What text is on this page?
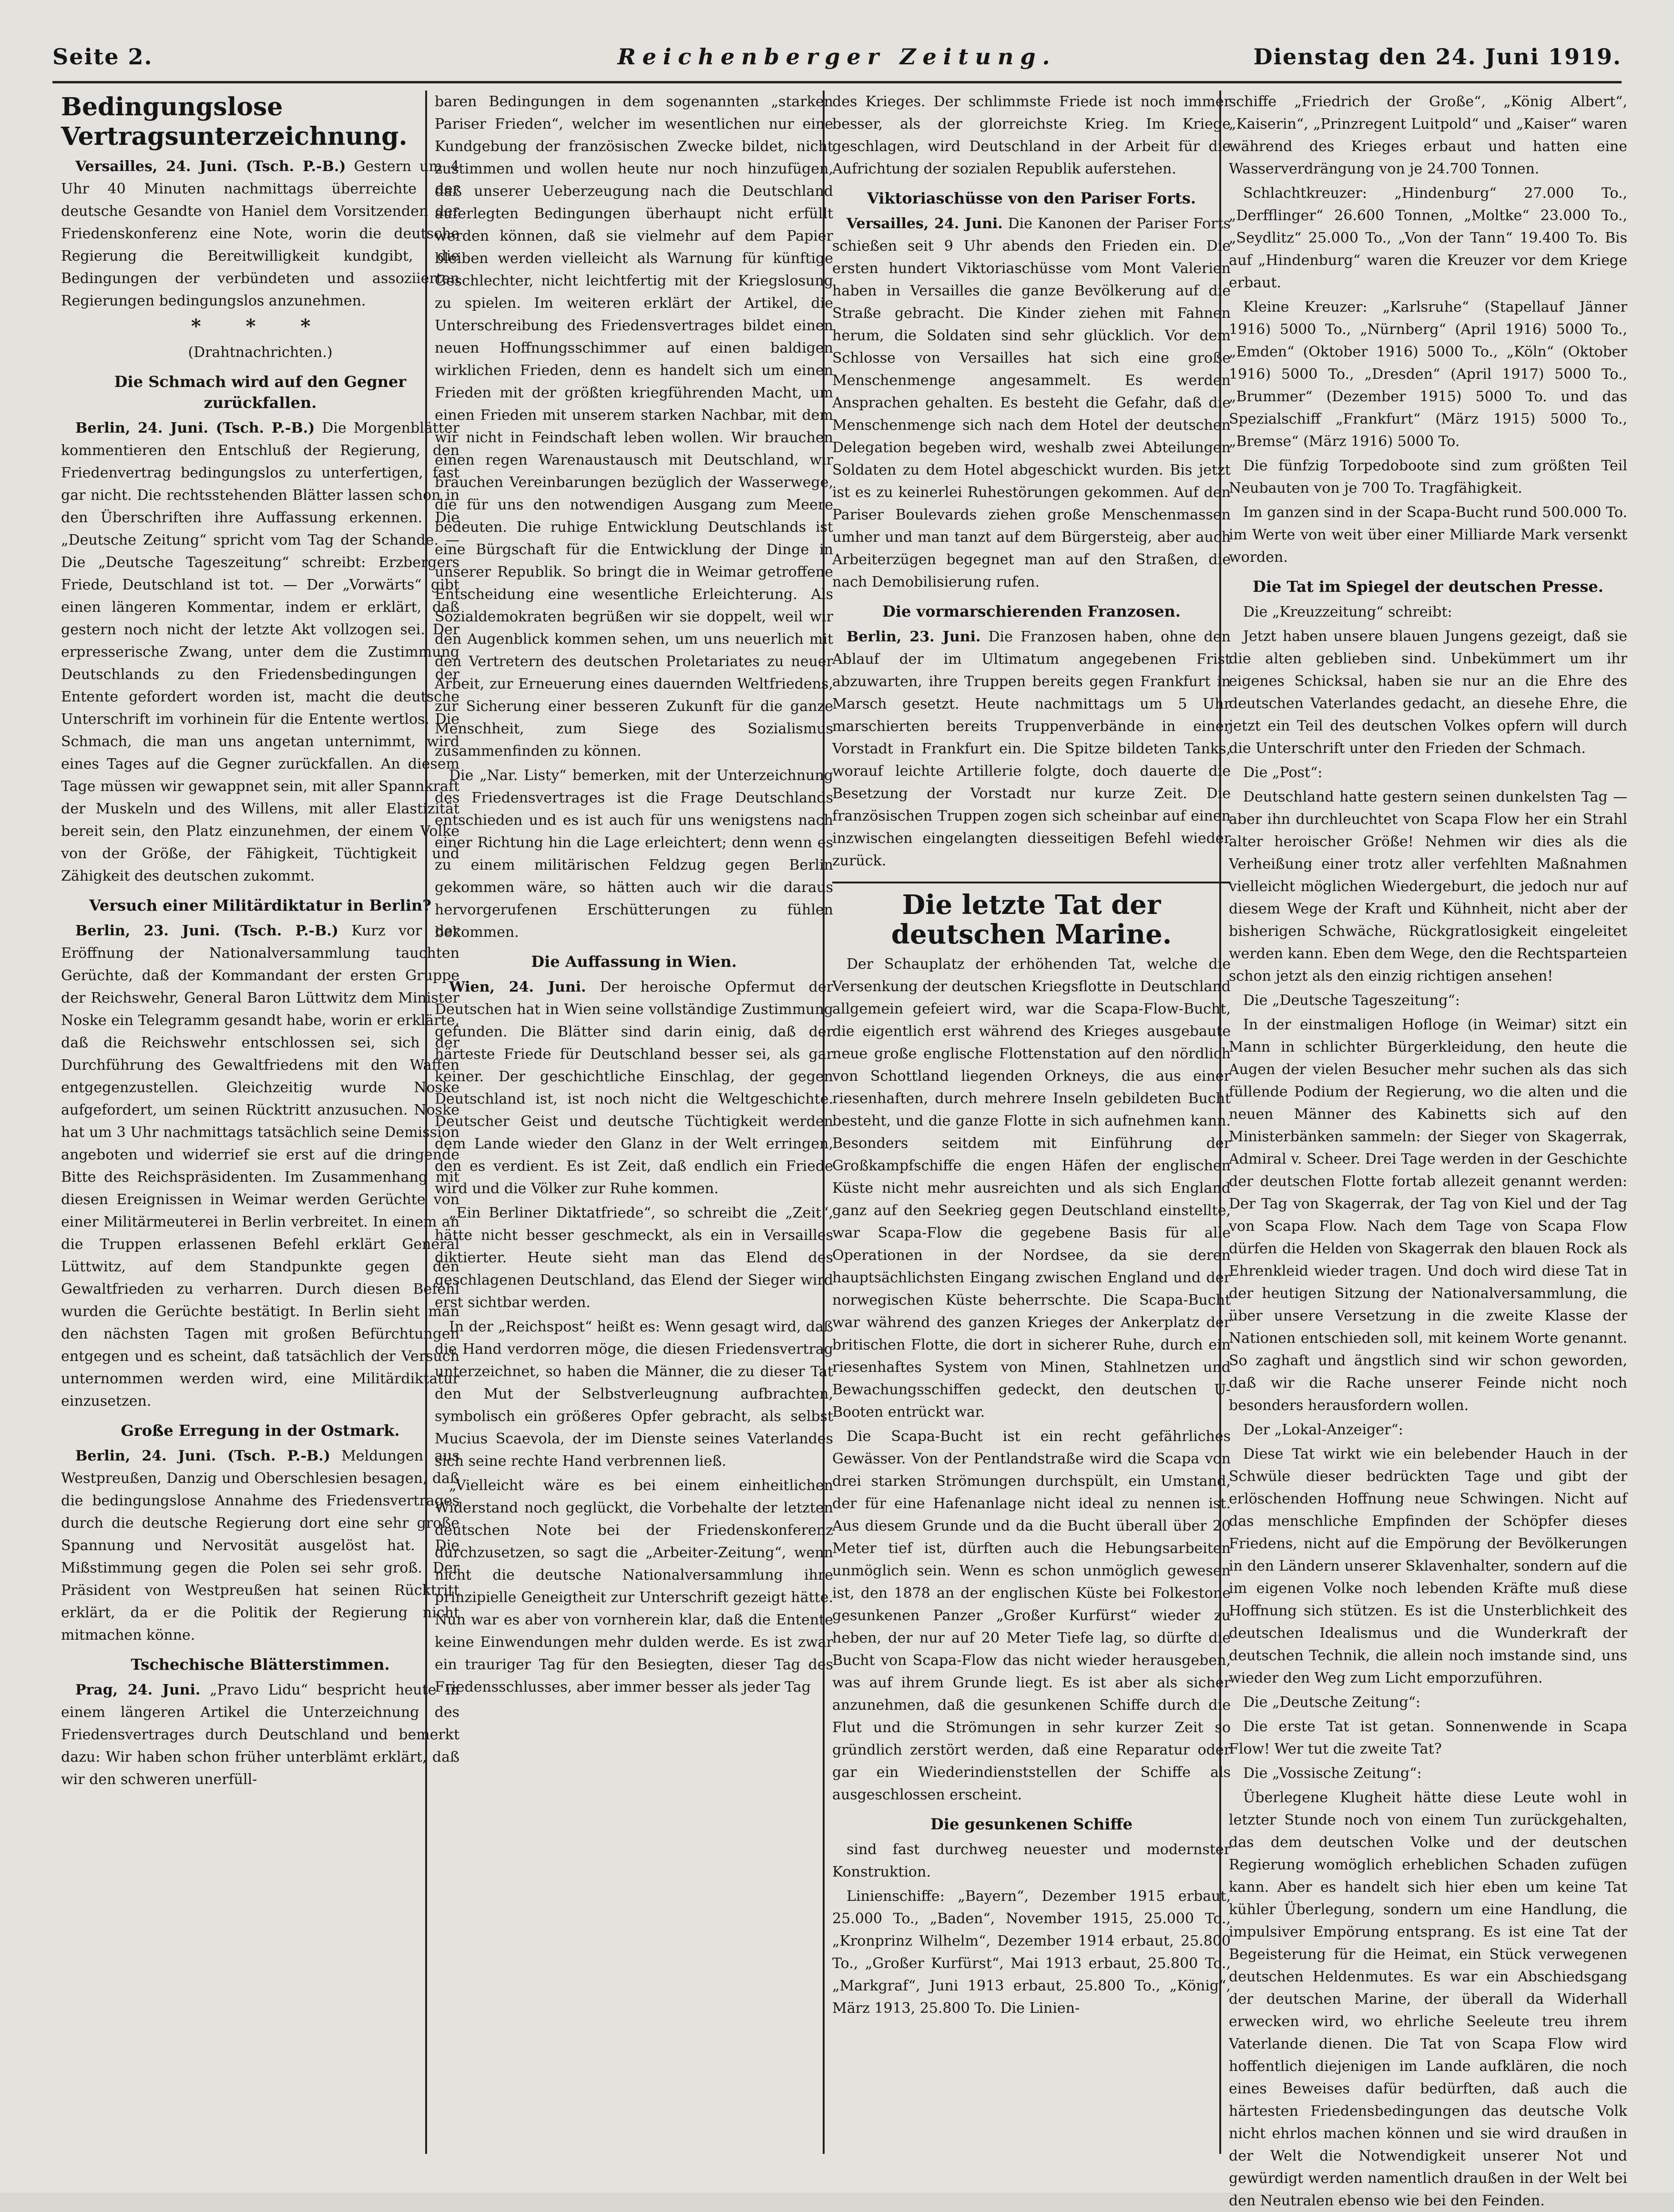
Seite 2.	Reichenberger Zeitung.	Dienstag den 24. Juni 1919.
Bedingungslose Vertragsunterzeichnung.

Versailles, 24. Juni. (Tsch. P.-B.) Gestern um 4 Uhr 40 Minuten nachmittags überreichte der deutsche Gesandte von Haniel dem Vorsitzenden der Friedenskonferenz eine Note, worin die deutsche Regierung die Bereitwilligkeit kundgibt, die Bedingungen der verbündeten und assoziierten Regierungen bedingungslos anzunehmen.

* * *

(Drahtnachrichten.)

Die Schmach wird auf den Gegner zurückfallen.

Berlin, 24. Juni. (Tsch. P.-B.) Die Morgenblätter kommentieren den Entschluß der Regierung, den Friedenvertrag bedingungslos zu unterfertigen, fast gar nicht. Die rechtsstehenden Blätter lassen schon in den Überschriften ihre Auffassung erkennen. Die „Deutsche Zeitung“ spricht vom Tag der Schande. — Die „Deutsche Tageszeitung“ schreibt: Erzbergers Friede, Deutschland ist tot. — Der „Vorwärts“ gibt einen längeren Kommentar, indem er erklärt, daß gestern noch nicht der letzte Akt vollzogen sei. Der erpresserische Zwang, unter dem die Zustimmung Deutschlands zu den Friedensbedingungen der Entente gefordert worden ist, macht die deutsche Unterschrift im vorhinein für die Entente wertlos. Die Schmach, die man uns angetan unternimmt, wird eines Tages auf die Gegner zurückfallen. An diesem Tage müssen wir gewappnet sein, mit aller Spannkraft der Muskeln und des Willens, mit aller Elastizität bereit sein, den Platz einzunehmen, der einem Volke von der Größe, der Fähigkeit, Tüchtigkeit und Zähigkeit des deutschen zukommt.

Versuch einer Militärdiktatur in Berlin?

Berlin, 23. Juni. (Tsch. P.-B.) Kurz vor der Eröffnung der Nationalversammlung tauchten Gerüchte, daß der Kommandant der ersten Gruppe der Reichswehr, General Baron Lüttwitz dem Minister Noske ein Telegramm gesandt habe, worin er erklärte, daß die Reichswehr entschlossen sei, sich der Durchführung des Gewaltfriedens mit den Waffen entgegenzustellen. Gleichzeitig wurde Noske aufgefordert, um seinen Rücktritt anzusuchen. Noske hat um 3 Uhr nachmittags tatsächlich seine Demission angeboten und widerrief sie erst auf die dringende Bitte des Reichspräsidenten. Im Zusammenhang mit diesen Ereignissen in Weimar werden Gerüchte von einer Militärmeuterei in Berlin verbreitet. In einem an die Truppen erlassenen Befehl erklärt General Lüttwitz, auf dem Standpunkte gegen den Gewaltfrieden zu verharren. Durch diesen Befehl wurden die Gerüchte bestätigt. In Berlin sieht man den nächsten Tagen mit großen Befürchtungen entgegen und es scheint, daß tatsächlich der Versuch unternommen werden wird, eine Militärdiktatur einzusetzen.

Große Erregung in der Ostmark.

Berlin, 24. Juni. (Tsch. P.-B.) Meldungen aus Westpreußen, Danzig und Oberschlesien besagen, daß die bedingungslose Annahme des Friedensvertrages durch die deutsche Regierung dort eine sehr große Spannung und Nervosität ausgelöst hat. Die Mißstimmung gegen die Polen sei sehr groß. Der Präsident von Westpreußen hat seinen Rücktritt erklärt, da er die Politik der Regierung nicht mitmachen könne.

Tschechische Blätterstimmen.

Prag, 24. Juni. „Pravo Lidu“ bespricht heute in einem längeren Artikel die Unterzeichnung des Friedensvertrages durch Deutschland und bemerkt dazu: Wir haben schon früher unterblämt erklärt, daß wir den schweren unerfüll-

baren Bedingungen in dem sogenannten „starken Pariser Frieden“, welcher im wesentlichen nur eine Kundgebung der französischen Zwecke bildet, nicht zustimmen und wollen heute nur noch hinzufügen, daß unserer Ueberzeugung nach die Deutschland auferlegten Bedingungen überhaupt nicht erfüllt werden können, daß sie vielmehr auf dem Papier bleiben werden vielleicht als Warnung für künftige Geschlechter, nicht leichtfertig mit der Kriegslosung zu spielen. Im weiteren erklärt der Artikel, die Unterschreibung des Friedensvertrages bildet einen neuen Hoffnungsschimmer auf einen baldigen wirklichen Frieden, denn es handelt sich um einen Frieden mit der größten kriegführenden Macht, um einen Frieden mit unserem starken Nachbar, mit dem wir nicht in Feindschaft leben wollen. Wir brauchen einen regen Warenaustausch mit Deutschland, wir brauchen Vereinbarungen bezüglich der Wasserwege, die für uns den notwendigen Ausgang zum Meere bedeuten. Die ruhige Entwicklung Deutschlands ist eine Bürgschaft für die Entwicklung der Dinge in unserer Republik. So bringt die in Weimar getroffene Entscheidung eine wesentliche Erleichterung. Als Sozialdemokraten begrüßen wir sie doppelt, weil wir den Augenblick kommen sehen, um uns neuerlich mit den Vertretern des deutschen Proletariates zu neuer Arbeit, zur Erneuerung eines dauernden Weltfriedens, zur Sicherung einer besseren Zukunft für die ganze Menschheit, zum Siege des Sozialismus zusammenfinden zu können.

Die „Nar. Listy“ bemerken, mit der Unterzeichnung des Friedensvertrages ist die Frage Deutschlands entschieden und es ist auch für uns wenigstens nach einer Richtung hin die Lage erleichtert; denn wenn es zu einem militärischen Feldzug gegen Berlin gekommen wäre, so hätten auch wir die daraus hervorgerufenen Erschütterungen zu fühlen bekommen.

Die Auffassung in Wien.

Wien, 24. Juni. Der heroische Opfermut der Deutschen hat in Wien seine vollständige Zustimmung gefunden. Die Blätter sind darin einig, daß der härteste Friede für Deutschland besser sei, als gar keiner. Der geschichtliche Einschlag, der gegen Deutschland ist, ist noch nicht die Weltgeschichte. Deutscher Geist und deutsche Tüchtigkeit werden dem Lande wieder den Glanz in der Welt erringen, den es verdient. Es ist Zeit, daß endlich ein Friede wird und die Völker zur Ruhe kommen.

„Ein Berliner Diktatfriede“, so schreibt die „Zeit“, hätte nicht besser geschmeckt, als ein in Versailles diktierter. Heute sieht man das Elend des geschlagenen Deutschland, das Elend der Sieger wird erst sichtbar werden.

In der „Reichspost“ heißt es: Wenn gesagt wird, daß die Hand verdorren möge, die diesen Friedensvertrag unterzeichnet, so haben die Männer, die zu dieser Tat den Mut der Selbstverleugnung aufbrachten, symbolisch ein größeres Opfer gebracht, als selbst Mucius Scaevola, der im Dienste seines Vaterlandes sich seine rechte Hand verbrennen ließ.

„Vielleicht wäre es bei einem einheitlichen Widerstand noch geglückt, die Vorbehalte der letzten deutschen Note bei der Friedenskonferenz durchzusetzen, so sagt die „Arbeiter-Zeitung“, wenn nicht die deutsche Nationalversammlung ihre prinzipielle Geneigtheit zur Unterschrift gezeigt hätte. Nun war es aber von vornherein klar, daß die Entente keine Einwendungen mehr dulden werde. Es ist zwar ein trauriger Tag für den Besiegten, dieser Tag des Friedensschlusses, aber immer besser als jeder Tag

des Krieges. Der schlimmste Friede ist noch immer besser, als der glorreichste Krieg. Im Kriege geschlagen, wird Deutschland in der Arbeit für die Aufrichtung der sozialen Republik auferstehen.

Viktoriaschüsse von den Pariser Forts.

Versailles, 24. Juni. Die Kanonen der Pariser Forts schießen seit 9 Uhr abends den Frieden ein. Die ersten hundert Viktoriaschüsse vom Mont Valerien haben in Versailles die ganze Bevölkerung auf die Straße gebracht. Die Kinder ziehen mit Fahnen herum, die Soldaten sind sehr glücklich. Vor dem Schlosse von Versailles hat sich eine große Menschenmenge angesammelt. Es werden Ansprachen gehalten. Es besteht die Gefahr, daß die Menschenmenge sich nach dem Hotel der deutschen Delegation begeben wird, weshalb zwei Abteilungen Soldaten zu dem Hotel abgeschickt wurden. Bis jetzt ist es zu keinerlei Ruhestörungen gekommen. Auf den Pariser Boulevards ziehen große Menschenmassen umher und man tanzt auf dem Bürgersteig, aber auch Arbeiterzügen begegnet man auf den Straßen, die nach Demobilisierung rufen.

Die vormarschierenden Franzosen.

Berlin, 23. Juni. Die Franzosen haben, ohne den Ablauf der im Ultimatum angegebenen Frist abzuwarten, ihre Truppen bereits gegen Frankfurt in Marsch gesetzt. Heute nachmittags um 5 Uhr marschierten bereits Truppenverbände in einer Vorstadt in Frankfurt ein. Die Spitze bildeten Tanks, worauf leichte Artillerie folgte, doch dauerte die Besetzung der Vorstadt nur kurze Zeit. Die französischen Truppen zogen sich scheinbar auf einen inzwischen eingelangten diesseitigen Befehl wieder zurück.

Die letzte Tat der deutschen Marine.

Der Schauplatz der erhöhenden Tat, welche die Versenkung der deutschen Kriegsflotte in Deutschland allgemein gefeiert wird, war die Scapa-Flow-Bucht, die eigentlich erst während des Krieges ausgebaute neue große englische Flottenstation auf den nördlich von Schottland liegenden Orkneys, die aus einer riesenhaften, durch mehrere Inseln gebildeten Bucht besteht, und die ganze Flotte in sich aufnehmen kann. Besonders seitdem mit Einführung der Großkampfschiffe die engen Häfen der englischen Küste nicht mehr ausreichten und als sich England ganz auf den Seekrieg gegen Deutschland einstellte, war Scapa-Flow die gegebene Basis für alle Operationen in der Nordsee, da sie deren hauptsächlichsten Eingang zwischen England und der norwegischen Küste beherrschte. Die Scapa-Bucht war während des ganzen Krieges der Ankerplatz der britischen Flotte, die dort in sicherer Ruhe, durch ein riesenhaftes System von Minen, Stahlnetzen und Bewachungsschiffen gedeckt, den deutschen U-Booten entrückt war.

Die Scapa-Bucht ist ein recht gefährliches Gewässer. Von der Pentlandstraße wird die Scapa von drei starken Strömungen durchspült, ein Umstand, der für eine Hafenanlage nicht ideal zu nennen ist. Aus diesem Grunde und da die Bucht überall über 20 Meter tief ist, dürften auch die Hebungsarbeiten unmöglich sein. Wenn es schon unmöglich gewesen ist, den 1878 an der englischen Küste bei Folkestone gesunkenen Panzer „Großer Kurfürst“ wieder zu heben, der nur auf 20 Meter Tiefe lag, so dürfte die Bucht von Scapa-Flow das nicht wieder herausgeben, was auf ihrem Grunde liegt. Es ist aber als sicher anzunehmen, daß die gesunkenen Schiffe durch die Flut und die Strömungen in sehr kurzer Zeit so gründlich zerstört werden, daß eine Reparatur oder gar ein Wiederindienststellen der Schiffe als ausgeschlossen erscheint.

Die gesunkenen Schiffe

sind fast durchweg neuester und modernster Konstruktion.

Linienschiffe: „Bayern“, Dezember 1915 erbaut, 25.000 To., „Baden“, November 1915, 25.000 To., „Kronprinz Wilhelm“, Dezember 1914 erbaut, 25.800 To., „Großer Kurfürst“, Mai 1913 erbaut, 25.800 To., „Markgraf“, Juni 1913 erbaut, 25.800 To., „König“, März 1913, 25.800 To. Die Linien-

schiffe „Friedrich der Große“, „König Albert“, „Kaiserin“, „Prinzregent Luitpold“ und „Kaiser“ waren während des Krieges erbaut und hatten eine Wasserverdrängung von je 24.700 Tonnen.

Schlachtkreuzer: „Hindenburg“ 27.000 To., „Derfflinger“ 26.600 Tonnen, „Moltke“ 23.000 To., „Seydlitz“ 25.000 To., „Von der Tann“ 19.400 To. Bis auf „Hindenburg“ waren die Kreuzer vor dem Kriege erbaut.

Kleine Kreuzer: „Karlsruhe“ (Stapellauf Jänner 1916) 5000 To., „Nürnberg“ (April 1916) 5000 To., „Emden“ (Oktober 1916) 5000 To., „Köln“ (Oktober 1916) 5000 To., „Dresden“ (April 1917) 5000 To., „Brummer“ (Dezember 1915) 5000 To. und das Spezialschiff „Frankfurt“ (März 1915) 5000 To., „Bremse“ (März 1916) 5000 To.

Die fünfzig Torpedoboote sind zum größten Teil Neubauten von je 700 To. Tragfähigkeit.

Im ganzen sind in der Scapa-Bucht rund 500.000 To. im Werte von weit über einer Milliarde Mark versenkt worden.

Die Tat im Spiegel der deutschen Presse.

Die „Kreuzzeitung“ schreibt:

Jetzt haben unsere blauen Jungens gezeigt, daß sie die alten geblieben sind. Unbekümmert um ihr eigenes Schicksal, haben sie nur an die Ehre des deutschen Vaterlandes gedacht, an diesehe Ehre, die jetzt ein Teil des deutschen Volkes opfern will durch die Unterschrift unter den Frieden der Schmach.

Die „Post“:

Deutschland hatte gestern seinen dunkelsten Tag — aber ihn durchleuchtet von Scapa Flow her ein Strahl alter heroischer Größe! Nehmen wir dies als die Verheißung einer trotz aller verfehlten Maßnahmen vielleicht möglichen Wiedergeburt, die jedoch nur auf diesem Wege der Kraft und Kühnheit, nicht aber der bisherigen Schwäche, Rückgratlosigkeit eingeleitet werden kann. Eben dem Wege, den die Rechtsparteien schon jetzt als den einzig richtigen ansehen!

Die „Deutsche Tageszeitung“:

In der einstmaligen Hofloge (in Weimar) sitzt ein Mann in schlichter Bürgerkleidung, den heute die Augen der vielen Besucher mehr suchen als das sich füllende Podium der Regierung, wo die alten und die neuen Männer des Kabinetts sich auf den Ministerbänken sammeln: der Sieger von Skagerrak, Admiral v. Scheer. Drei Tage werden in der Geschichte der deutschen Flotte fortab allezeit genannt werden: Der Tag von Skagerrak, der Tag von Kiel und der Tag von Scapa Flow. Nach dem Tage von Scapa Flow dürfen die Helden von Skagerrak den blauen Rock als Ehrenkleid wieder tragen. Und doch wird diese Tat in der heutigen Sitzung der Nationalversammlung, die über unsere Versetzung in die zweite Klasse der Nationen entschieden soll, mit keinem Worte genannt. So zaghaft und ängstlich sind wir schon geworden, daß wir die Rache unserer Feinde nicht noch besonders herausfordern wollen.

Der „Lokal-Anzeiger“:

Diese Tat wirkt wie ein belebender Hauch in der Schwüle dieser bedrückten Tage und gibt der erlöschenden Hoffnung neue Schwingen. Nicht auf das menschliche Empfinden der Schöpfer dieses Friedens, nicht auf die Empörung der Bevölkerungen in den Ländern unserer Sklavenhalter, sondern auf die im eigenen Volke noch lebenden Kräfte muß diese Hoffnung sich stützen. Es ist die Unsterblichkeit des deutschen Idealismus und die Wunderkraft der deutschen Technik, die allein noch imstande sind, uns wieder den Weg zum Licht emporzuführen.

Die „Deutsche Zeitung“:

Die erste Tat ist getan. Sonnenwende in Scapa Flow! Wer tut die zweite Tat?

Die „Vossische Zeitung“:

Überlegene Klugheit hätte diese Leute wohl in letzter Stunde noch von einem Tun zurückgehalten, das dem deutschen Volke und der deutschen Regierung womöglich erheblichen Schaden zufügen kann. Aber es handelt sich hier eben um keine Tat kühler Überlegung, sondern um eine Handlung, die impulsiver Empörung entsprang. Es ist eine Tat der Begeisterung für die Heimat, ein Stück verwegenen deutschen Heldenmutes. Es war ein Abschiedsgang der deutschen Marine, der überall da Widerhall erwecken wird, wo ehrliche Seeleute treu ihrem Vaterlande dienen. Die Tat von Scapa Flow wird hoffentlich diejenigen im Lande aufklären, die noch eines Beweises dafür bedürften, daß auch die härtesten Friedensbedingungen das deutsche Volk nicht ehrlos machen können und sie wird draußen in der Welt die Notwendigkeit unserer Not und gewürdigt werden namentlich draußen in der Welt bei den Neutralen ebenso wie bei den Feinden.
